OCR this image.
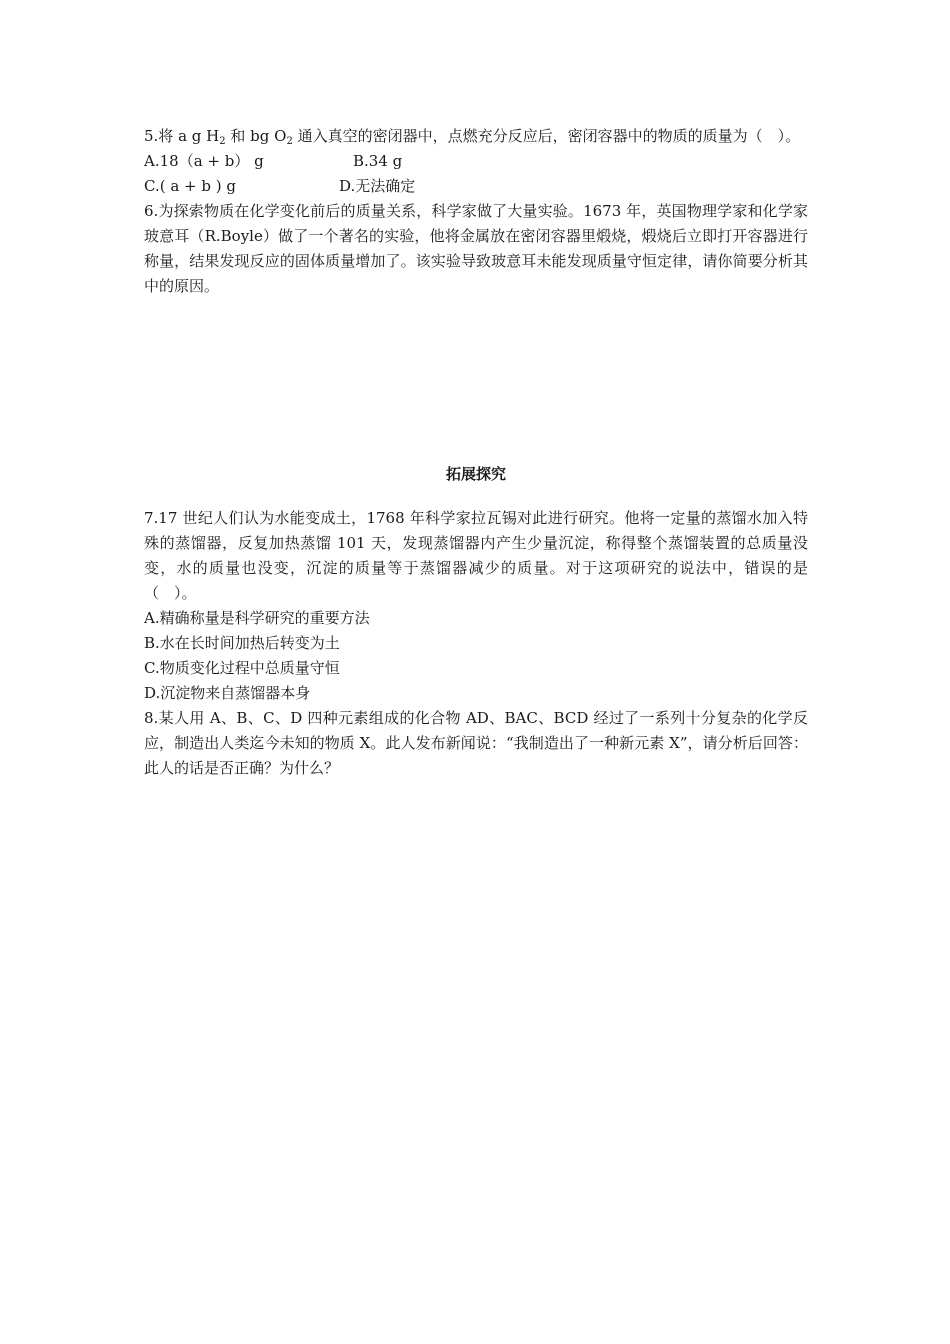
5.将 a g $H_2$ 和 bg $O_2$ 通入真空的密闭器中，点燃充分反应后，密闭容器中的物质的质量为（　）。

A.18（a + b） g	B.34 g

C.( a + b ) g	D.无法确定

6.为探索物质在化学变化前后的质量关系，科学家做了大量实验。1673 年，英国物理学家和化学家玻意耳（R.Boyle）做了一个著名的实验，他将金属放在密闭容器里煅烧，煅烧后立即打开容器进行称量，结果发现反应的固体质量增加了。该实验导致玻意耳未能发现质量守恒定律，请你简要分析其中的原因。

拓展探究

7.17 世纪人们认为水能变成土，1768 年科学家拉瓦锡对此进行研究。他将一定量的蒸馏水加入特殊的蒸馏器，反复加热蒸馏 101 天，发现蒸馏器内产生少量沉淀，称得整个蒸馏装置的总质量没变，水的质量也没变，沉淀的质量等于蒸馏器减少的质量。对于这项研究的说法中，错误的是（　）。

A.精确称量是科学研究的重要方法

B.水在长时间加热后转变为土

C.物质变化过程中总质量守恒

D.沉淀物来自蒸馏器本身

8.某人用 A、B、C、D 四种元素组成的化合物 AD、BAC、BCD 经过了一系列十分复杂的化学反应，制造出人类迄今未知的物质 X。此人发布新闻说：“我制造出了一种新元素 X”，请分析后回答：此人的话是否正确？为什么？
